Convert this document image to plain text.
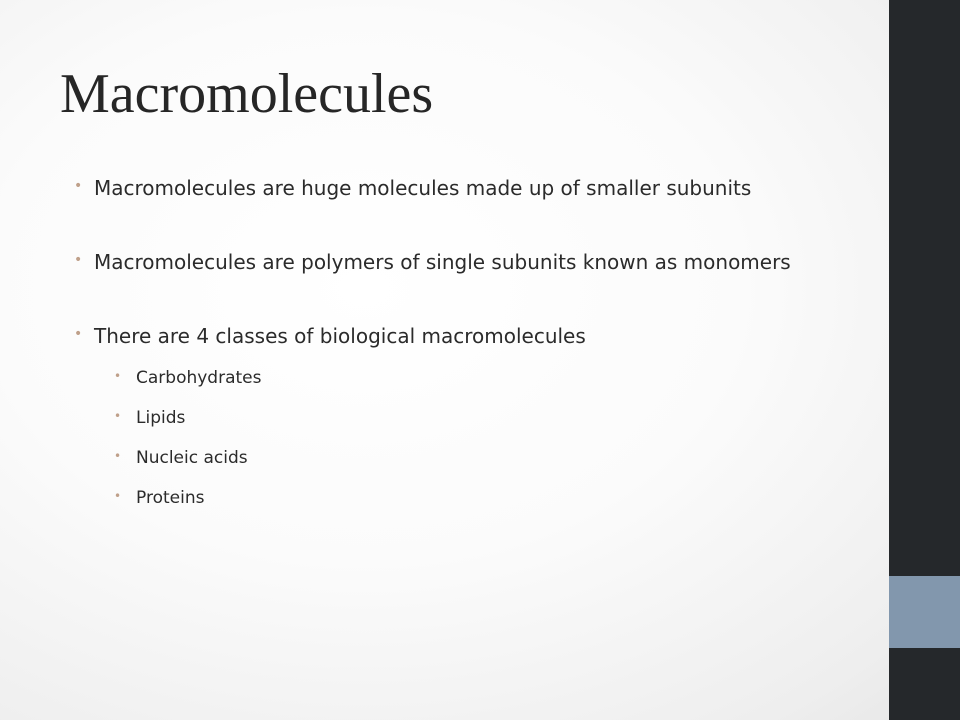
Macromolecules
• Macromolecules are huge molecules made up of smaller subunits
• Macromolecules are polymers of single subunits known as monomers
• There are 4 classes of biological macromolecules
• Carbohydrates
• Lipids
• Nucleic acids
• Proteins
